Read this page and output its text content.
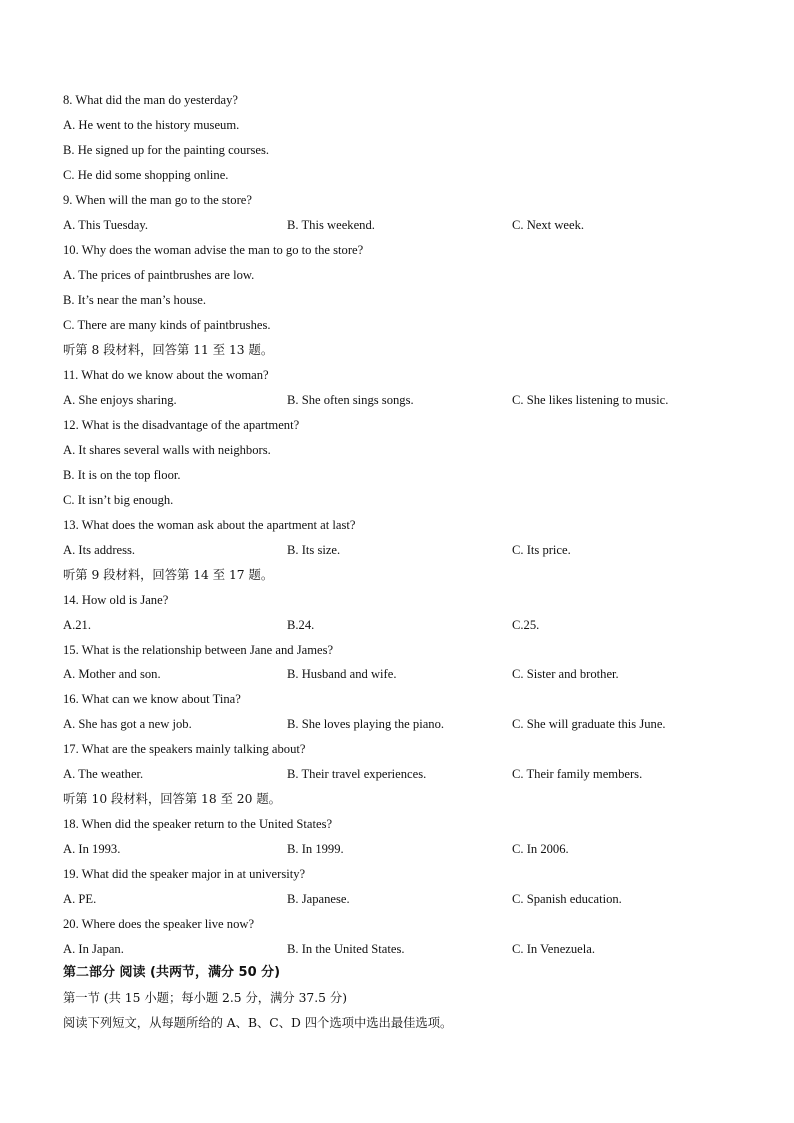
8. What did the man do yesterday?
A. He went to the history museum.
B. He signed up for the painting courses.
C. He did some shopping online.
9. When will the man go to the store?
A. This Tuesday.	B. This weekend.	C. Next week.
10. Why does the woman advise the man to go to the store?
A. The prices of paintbrushes are low.
B. It’s near the man’s house.
C. There are many kinds of paintbrushes.
听第 8 段材料，回答第 11 至 13 题。
11. What do we know about the woman?
A. She enjoys sharing.	B. She often sings songs.	C. She likes listening to music.
12. What is the disadvantage of the apartment?
A. It shares several walls with neighbors.
B. It is on the top floor.
C. It isn’t big enough.
13. What does the woman ask about the apartment at last?
A. Its address.	B. Its size.	C. Its price.
听第 9 段材料，回答第 14 至 17 题。
14. How old is Jane?
A.21.	B.24.	C.25.
15. What is the relationship between Jane and James?
A. Mother and son.	B. Husband and wife.	C. Sister and brother.
16. What can we know about Tina?
A. She has got a new job.	B. She loves playing the piano.	C. She will graduate this June.
17. What are the speakers mainly talking about?
A. The weather.	B. Their travel experiences.	C. Their family members.
听第 10 段材料，回答第 18 至 20 题。
18. When did the speaker return to the United States?
A. In 1993.	B. In 1999.	C. In 2006.
19. What did the speaker major in at university?
A. PE.	B. Japanese.	C. Spanish education.
20. Where does the speaker live now?
A. In Japan.	B. In the United States.	C. In Venezuela.
第二部分 阅读 (共两节，满分 50 分)
第一节 (共 15 小题；每小题 2.5 分，满分 37.5 分)
阅读下列短文，从每题所给的 A、B、C、D 四个选项中选出最佳选项。
